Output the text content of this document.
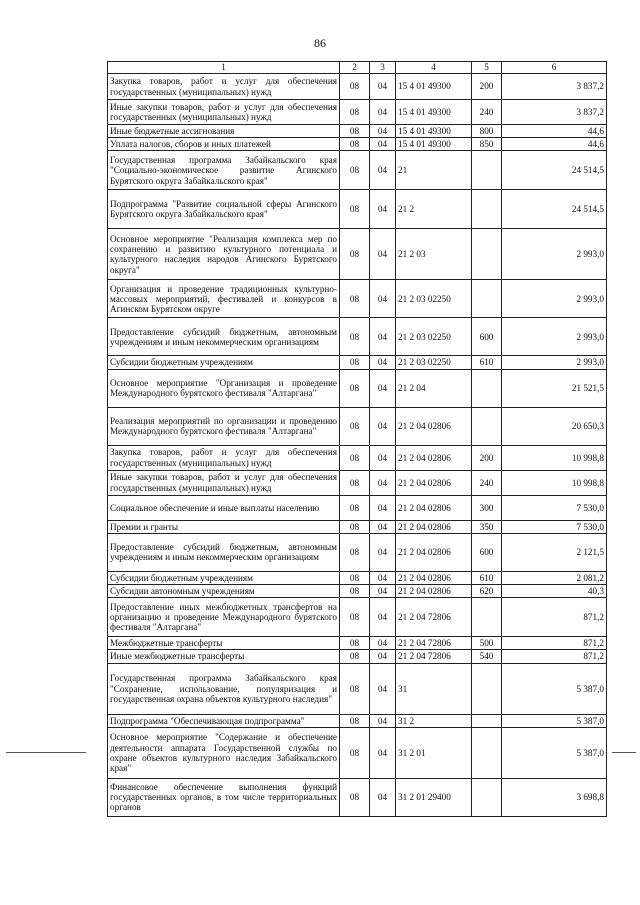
86
1	2	3	4	5	6
Закупка товаров, работ и услуг для обеспечения государственных (муниципальных) нужд	08	04	15 4 01 49300	200	3 837,2
Иные закупки товаров, работ и услуг для обеспечения государственных (муниципальных) нужд	08	04	15 4 01 49300	240	3 837,2
Иные бюджетные ассигнования	08	04	15 4 01 49300	800	44,6
Уплата налогов, сборов и иных платежей	08	04	15 4 01 49300	850	44,6
Государственная программа Забайкальского края "Социально-экономическое развитие Агинского Бурятского округа Забайкальского края"	08	04	21		24 514,5
Подпрограмма "Развитие социальной сферы Агинского Бурятского округа Забайкальского края"	08	04	21 2		24 514,5
Основное мероприятие "Реализация комплекса мер по сохранению и развитию культурного потенциала и культурного наследия народов Агинского Бурятского округа"	08	04	21 2 03		2 993,0
Организация и проведение традиционных культурно-массовых мероприятий, фестивалей и конкурсов в Агинском Бурятском округе	08	04	21 2 03 02250		2 993,0
Предоставление субсидий бюджетным, автономным учреждениям и иным некоммерческим организациям	08	04	21 2 03 02250	600	2 993,0
Субсидии бюджетным учреждениям	08	04	21 2 03 02250	610	2 993,0
Основное мероприятие "Организация и проведение Международного бурятского фестиваля "Алтаргана"	08	04	21 2 04		21 521,5
Реализация мероприятий по организации и проведению Международного бурятского фестиваля "Алтаргана"	08	04	21 2 04 02806		20 650,3
Закупка товаров, работ и услуг для обеспечения государственных (муниципальных) нужд	08	04	21 2 04 02806	200	10 998,8
Иные закупки товаров, работ и услуг для обеспечения государственных (муниципальных) нужд	08	04	21 2 04 02806	240	10 998,8
Социальное обеспечение и иные выплаты населению	08	04	21 2 04 02806	300	7 530,0
Премии и гранты	08	04	21 2 04 02806	350	7 530,0
Предоставление субсидий бюджетным, автономным учреждениям и иным некоммерческим организациям	08	04	21 2 04 02806	600	2 121,5
Субсидии бюджетным учреждениям	08	04	21 2 04 02806	610	2 081,2
Субсидии автономным учреждениям	08	04	21 2 04 02806	620	40,3
Предоставление иных межбюджетных трансфертов на организацию и проведение Международного бурятского фестиваля "Алтаргана"	08	04	21 2 04 72806		871,2
Межбюджетные трансферты	08	04	21 2 04 72806	500	871,2
Иные межбюджетные трансферты	08	04	21 2 04 72806	540	871,2
Государственная программа Забайкальского края "Сохранение, использование, популяризация и государственная охрана объектов культурного наследия"	08	04	31		5 387,0
Подпрограмма "Обеспечивающая подпрограмма"	08	04	31 2		5 387,0
Основное мероприятие "Содержание и обеспечение деятельности аппарата Государственной службы по охране объектов культурного наследия Забайкальского края"	08	04	31 2 01		5 387,0
Финансовое обеспечение выполнения функций государственных органов, в том числе территориальных органов	08	04	31 2 01 29400		3 698,8
